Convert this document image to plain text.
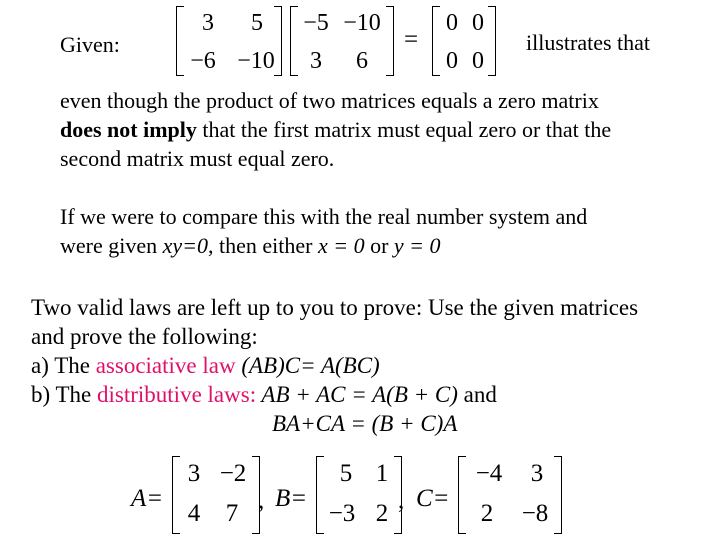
Given:
3	5
−6 −10
−5 −10
3	6
=
0 0
0 0
illustrates that
even though the product of two matrices equals a zero matrix
does not imply that the first matrix must equal zero or that the
second matrix must equal zero.
If we were to compare this with the real number system and
were given xy=0, then either x = 0 or y = 0
Two valid laws are left up to you to prove: Use the given matrices
and prove the following:
a) The associative law (AB)C= A(BC)
b) The distributive laws: AB + AC = A(B + C) and
BA+CA = (B + C)A
A=
3 −2
4	7 , B=
5 1
−3 2 , C=
−4	3
2	−8
